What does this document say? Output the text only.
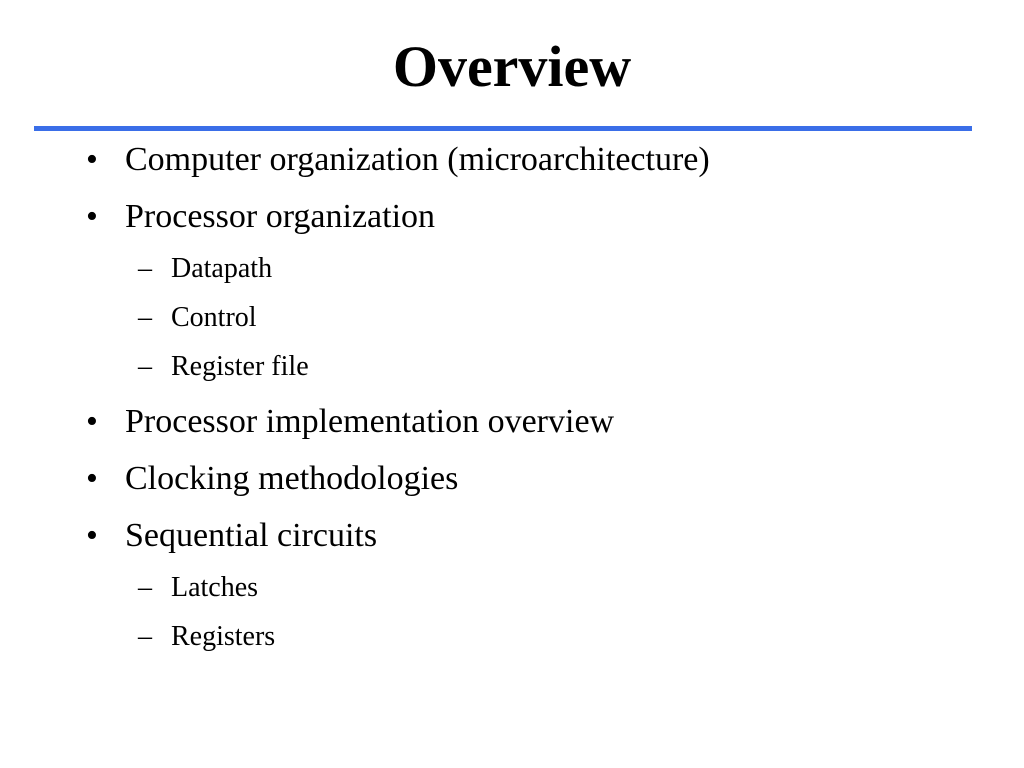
Overview
• Computer organization (microarchitecture)
• Processor organization
– Datapath
– Control
– Register file
• Processor implementation overview
• Clocking methodologies
• Sequential circuits
– Latches
– Registers
